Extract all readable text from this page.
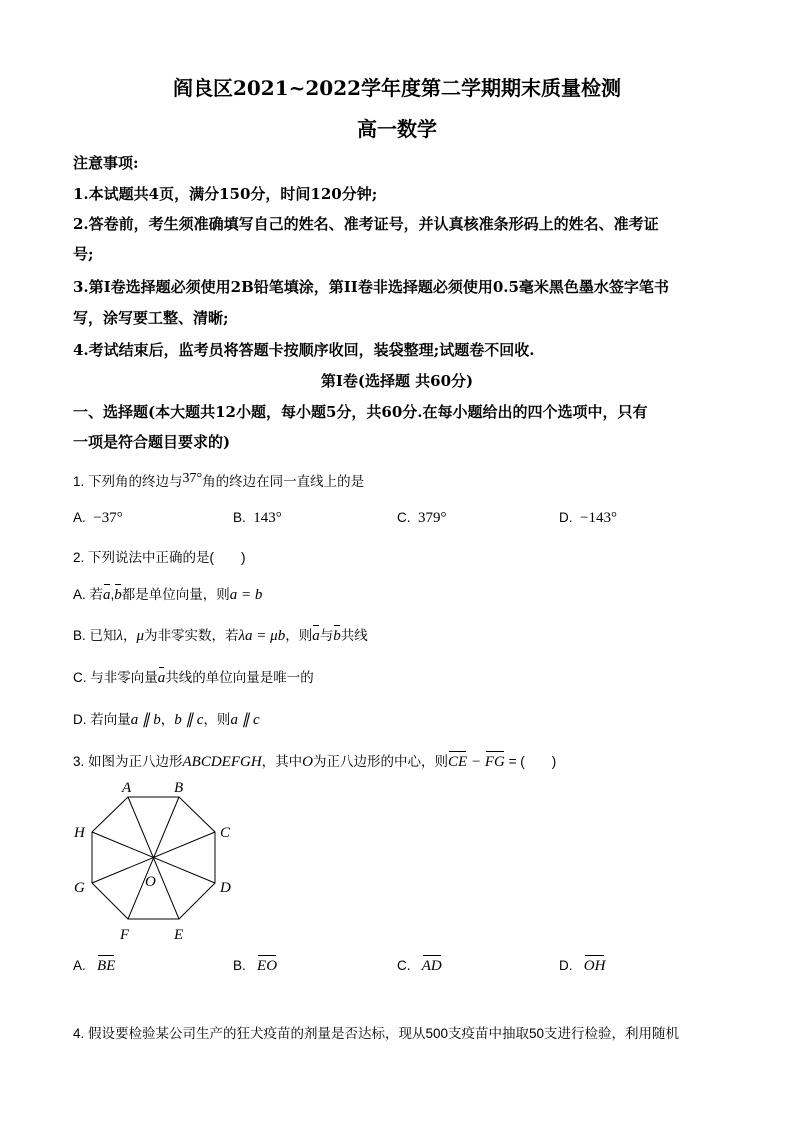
阎良区2021~2022学年度第二学期期末质量检测
高一数学
注意事项:
1.本试题共4页，满分150分，时间120分钟;
2.答卷前，考生须准确填写自己的姓名、准考证号，并认真核准条形码上的姓名、准考证
号;
3.第I卷选择题必须使用2B铅笔填涂，第II卷非选择题必须使用0.5毫米黑色墨水签字笔书
写，涂写要工整、清晰;
4.考试结束后，监考员将答题卡按顺序收回，装袋整理;试题卷不回收.
第I卷(选择题 共60分)
一、选择题(本大题共12小题，每小题5分，共60分.在每小题给出的四个选项中，只有
一项是符合题目要求的)
1. 下列角的终边与37°角的终边在同一直线上的是
A. −37°	B. 143°	C. 379°	D. −143°
2. 下列说法中正确的是(　　)
A. 若a,b都是单位向量，则a = b
B. 已知λ，μ为非零实数，若λa = μb，则a与b共线
C. 与非零向量a共线的单位向量是唯一的
D. 若向量a ∥ b，b ∥ c，则a ∥ c
3. 如图为正八边形ABCDEFGH，其中O为正八边形的中心，则CE − FG = (　　)
A	B
C
D
E
F
G
H
O
A. BE	B. EO	C. AD	D. OH
4. 假设要检验某公司生产的狂犬疫苗的剂量是否达标，现从500支疫苗中抽取50支进行检验，利用随机
